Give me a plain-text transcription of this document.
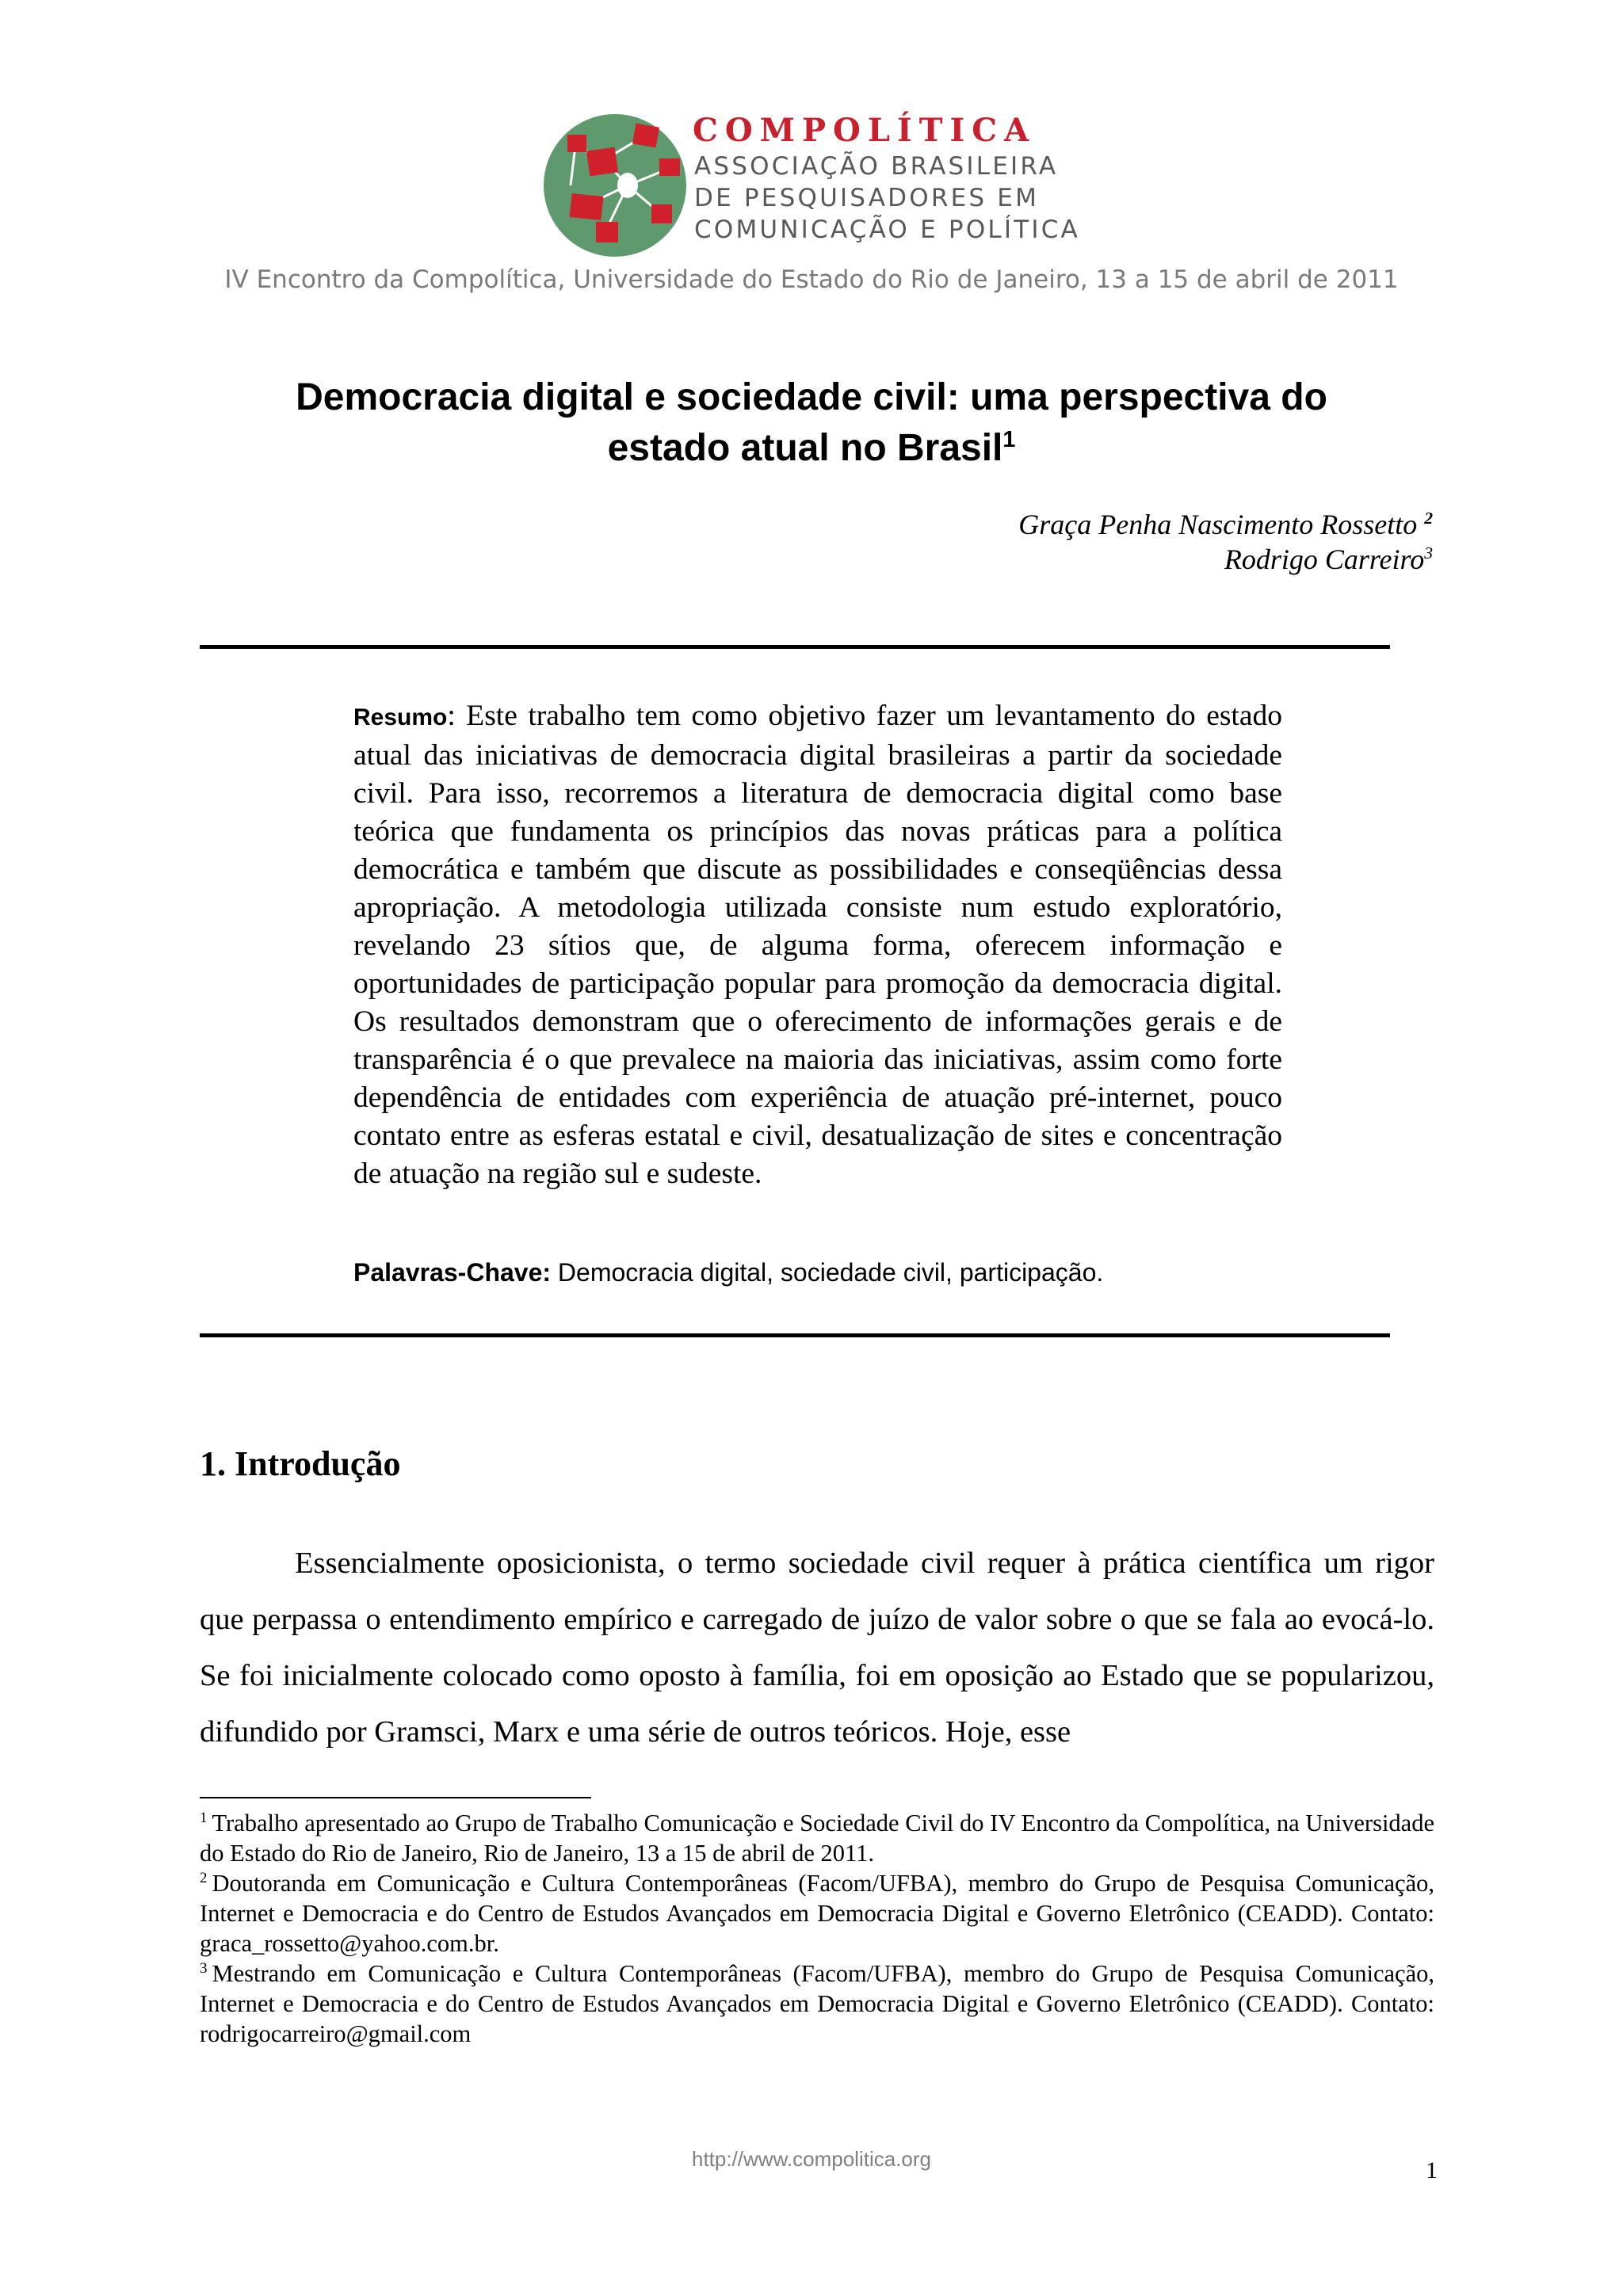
COMPOLÍTICA
ASSOCIAÇÃO BRASILEIRA
DE PESQUISADORES EM
COMUNICAÇÃO E POLÍTICA
IV Encontro da Compolítica, Universidade do Estado do Rio de Janeiro, 13 a 15 de abril de 2011
Democracia digital e sociedade civil: uma perspectiva do
estado atual no Brasil$^1$
Graça Penha Nascimento Rossetto $^2$
Rodrigo Carreiro$^3$
Resumo: Este trabalho tem como objetivo fazer um levantamento do estado atual das iniciativas de democracia digital brasileiras a partir da sociedade civil. Para isso, recorremos a literatura de democracia digital como base teórica que fundamenta os princípios das novas práticas para a política democrática e também que discute as possibilidades e conseqüências dessa apropriação. A metodologia utilizada consiste num estudo exploratório, revelando 23 sítios que, de alguma forma, oferecem informação e oportunidades de participação popular para promoção da democracia digital. Os resultados demonstram que o oferecimento de informações gerais e de transparência é o que prevalece na maioria das iniciativas, assim como forte dependência de entidades com experiência de atuação pré-internet, pouco contato entre as esferas estatal e civil, desatualização de sites e concentração de atuação na região sul e sudeste.
Palavras-Chave: Democracia digital, sociedade civil, participação.
1. Introdução
Essencialmente oposicionista, o termo sociedade civil requer à prática científica um rigor que perpassa o entendimento empírico e carregado de juízo de valor sobre o que se fala ao evocá-lo. Se foi inicialmente colocado como oposto à família, foi em oposição ao Estado que se popularizou, difundido por Gramsci, Marx e uma série de outros teóricos. Hoje, esse

$^1$ Trabalho apresentado ao Grupo de Trabalho Comunicação e Sociedade Civil do IV Encontro da Compolítica, na Universidade do Estado do Rio de Janeiro, Rio de Janeiro, 13 a 15 de abril de 2011.

$^2$ Doutoranda em Comunicação e Cultura Contemporâneas (Facom/UFBA), membro do Grupo de Pesquisa Comunicação, Internet e Democracia e do Centro de Estudos Avançados em Democracia Digital e Governo Eletrônico (CEADD). Contato: graca_rossetto@yahoo.com.br.

$^3$ Mestrando em Comunicação e Cultura Contemporâneas (Facom/UFBA), membro do Grupo de Pesquisa Comunicação, Internet e Democracia e do Centro de Estudos Avançados em Democracia Digital e Governo Eletrônico (CEADD). Contato: rodrigocarreiro@gmail.com

http://www.compolitica.org	1
